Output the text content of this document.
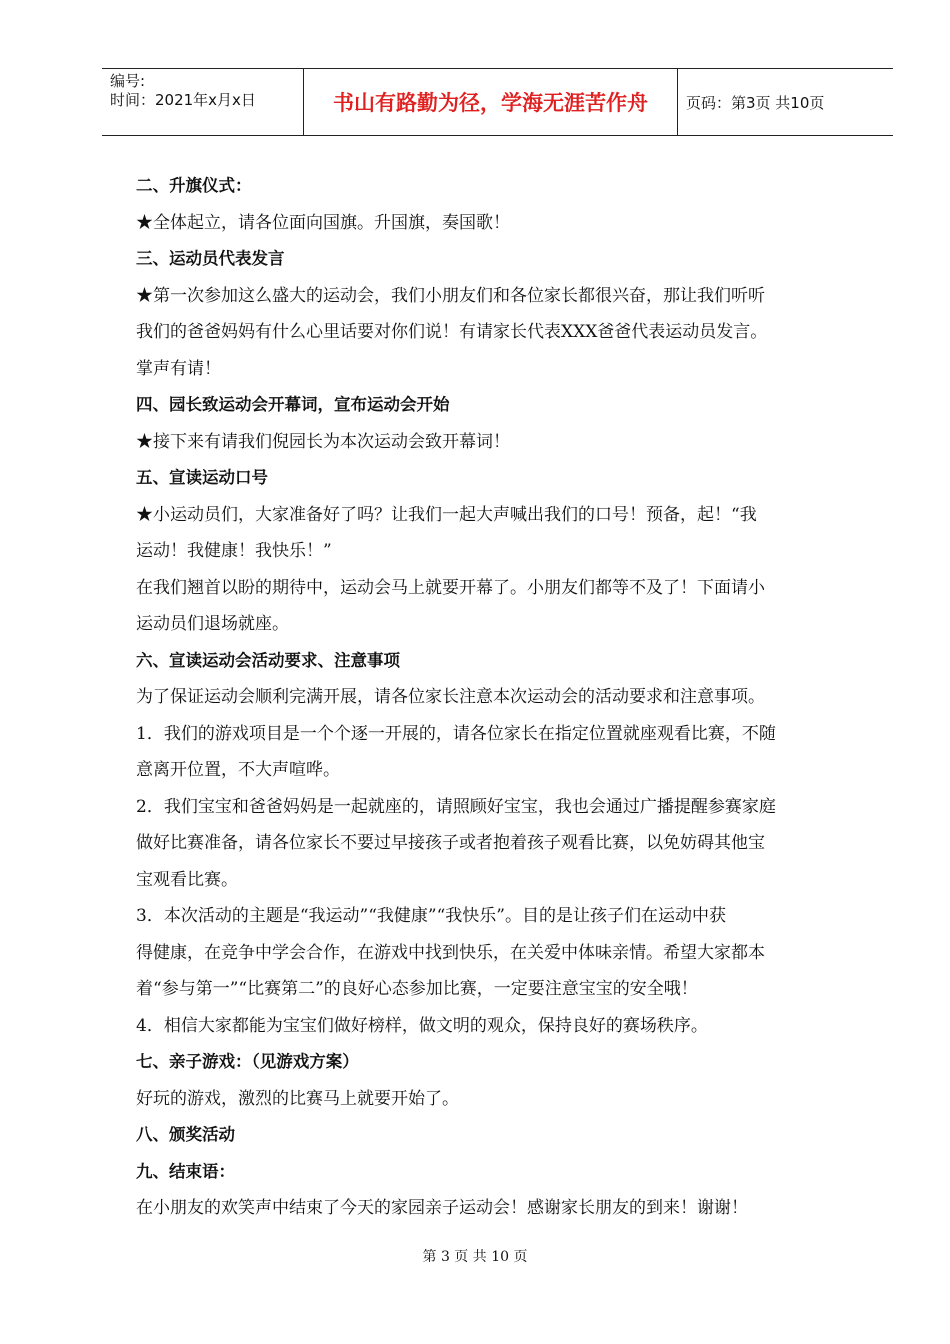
编号:
时间：2021年x月x日	书山有路勤为径，学海无涯苦作舟	页码：第3页 共10页
二、升旗仪式：
★全体起立，请各位面向国旗。升国旗，奏国歌！
三、运动员代表发言
★第一次参加这么盛大的运动会，我们小朋友们和各位家长都很兴奋，那让我们听听
我们的爸爸妈妈有什么心里话要对你们说！有请家长代表XXX爸爸代表运动员发言。
掌声有请！
四、园长致运动会开幕词，宣布运动会开始
★接下来有请我们倪园长为本次运动会致开幕词！
五、宣读运动口号
★小运动员们，大家准备好了吗？让我们一起大声喊出我们的口号！预备，起！“我
运动！我健康！我快乐！”
在我们翘首以盼的期待中，运动会马上就要开幕了。小朋友们都等不及了！下面请小
运动员们退场就座。
六、宣读运动会活动要求、注意事项
为了保证运动会顺利完满开展，请各位家长注意本次运动会的活动要求和注意事项。
1．我们的游戏项目是一个个逐一开展的，请各位家长在指定位置就座观看比赛，不随
意离开位置，不大声喧哗。
2．我们宝宝和爸爸妈妈是一起就座的，请照顾好宝宝，我也会通过广播提醒参赛家庭
做好比赛准备，请各位家长不要过早接孩子或者抱着孩子观看比赛，以免妨碍其他宝
宝观看比赛。
3．本次活动的主题是“我运动”“我健康”“我快乐”。目的是让孩子们在运动中获
得健康，在竞争中学会合作，在游戏中找到快乐，在关爱中体味亲情。希望大家都本
着“参与第一”“比赛第二”的良好心态参加比赛，一定要注意宝宝的安全哦！
4．相信大家都能为宝宝们做好榜样，做文明的观众，保持良好的赛场秩序。
七、亲子游戏：（见游戏方案）
好玩的游戏，激烈的比赛马上就要开始了。
八、颁奖活动
九、结束语：
在小朋友的欢笑声中结束了今天的家园亲子运动会！感谢家长朋友的到来！谢谢！
第 3 页 共 10 页
